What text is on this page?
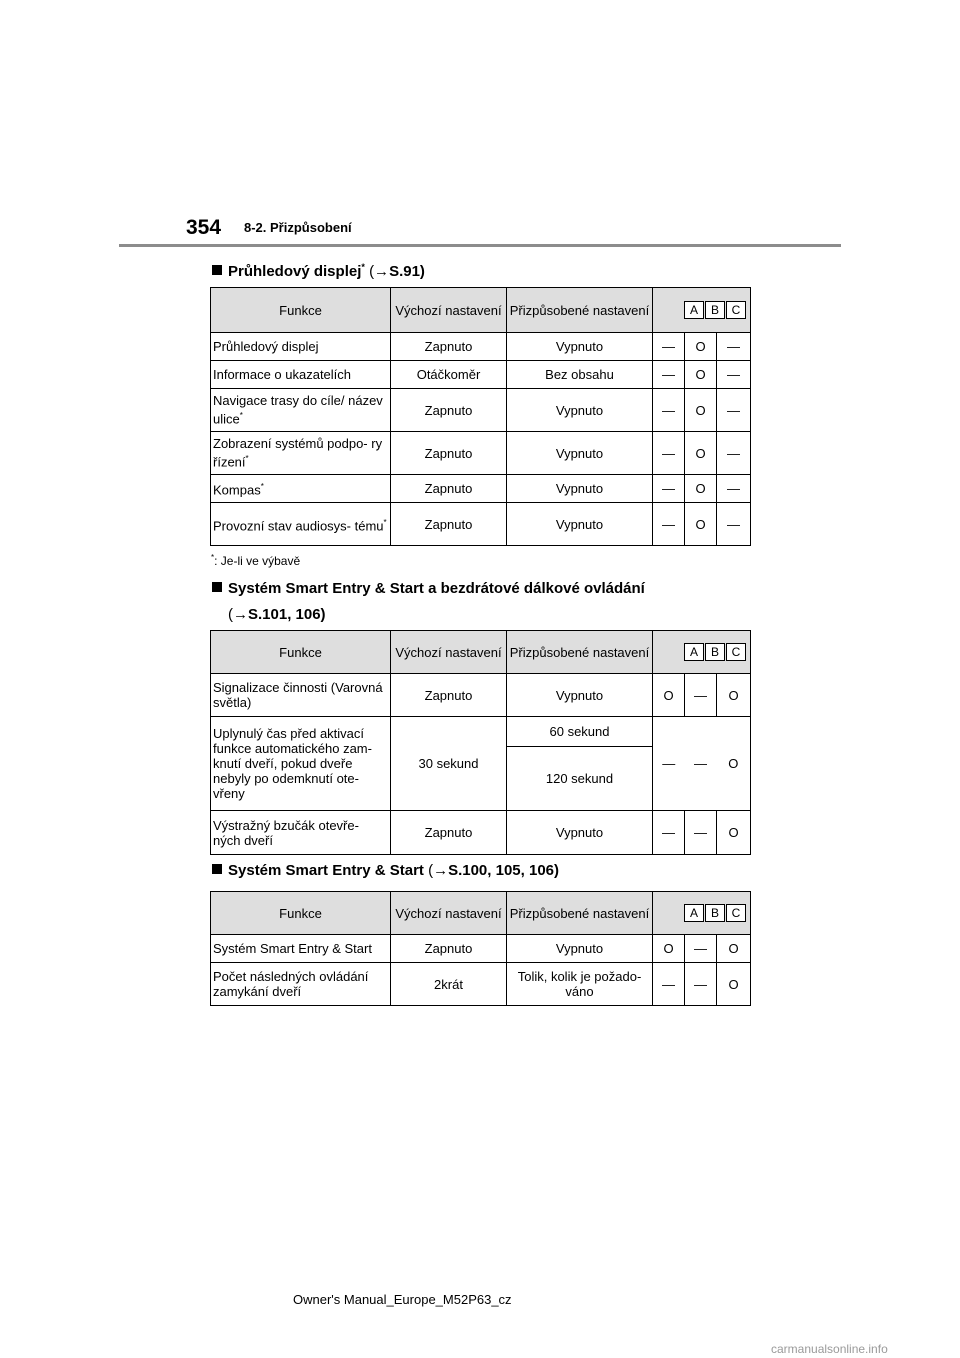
354 8-2. Přizpůsobení
Průhledový displej* (→S.91)
Funkce	Výchozí nastavení	Přizpůsobené nastavení	A B C		
Průhledový displej	Zapnuto	Vypnuto	—	O	—
Informace o ukazatelích	Otáčkoměr	Bez obsahu	—	O	—
Navigace trasy do cíle/ název ulice*	Zapnuto	Vypnuto	—	O	—
Zobrazení systémů podpo- ry řízení*	Zapnuto	Vypnuto	—	O	—
Kompas*	Zapnuto	Vypnuto	—	O	—
Provozní stav audiosys- tému*	Zapnuto	Vypnuto	—	O	—
*: Je-li ve výbavě
Systém Smart Entry & Start a bezdrátové dálkové ovládání
(→S.101, 106)
Funkce	Výchozí nastavení	Přizpůsobené nastavení	A B C		
Signalizace činnosti (Varovná světla)	Zapnuto	Vypnuto	O	—	O
Uplynulý čas před aktivací funkce automatického zam- knutí dveří, pokud dveře nebyly po odemknutí ote- vřeny	30 sekund	60 sekund	—	—	O
		120 sekund			
Výstražný bzučák otevře- ných dveří	Zapnuto	Vypnuto	—	—	O
Systém Smart Entry & Start (→S.100, 105, 106)
Funkce	Výchozí nastavení	Přizpůsobené nastavení	A B C		
Systém Smart Entry & Start	Zapnuto	Vypnuto	O	—	O
Počet následných ovládání zamykání dveří	2krát	Tolik, kolik je požado- váno	—	—	O
Owner's Manual_Europe_M52P63_cz
carmanualsonline.info
